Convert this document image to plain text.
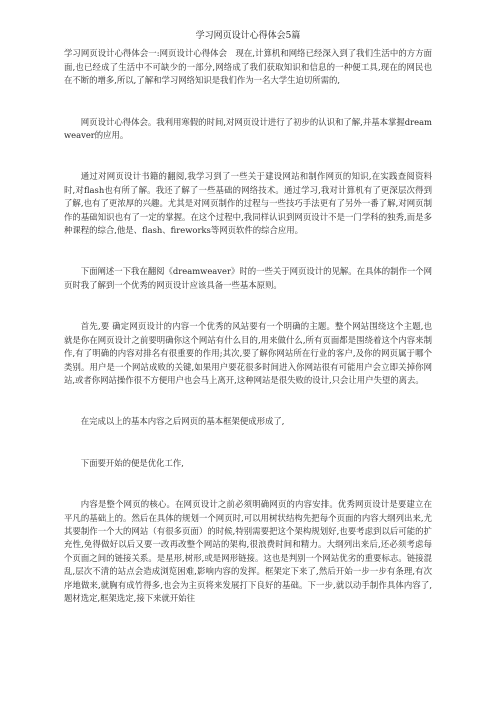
学习网页设计心得体会5篇

学习网页设计心得体会一:网页设计心得体会　现在,计算机和网络已经深入到了我们生活中的方方面面,也已经成了生活中不可缺少的一部分,网络成了我们获取知识和信息的一种便工具,现在的网民也在不断的增多,所以,了解和学习网络知识是我们作为一名大学生迫切所需的,

网页设计心得体会。我利用寒假的时间,对网页设计进行了初步的认识和了解,并基本掌握dreamweaver的应用。

通过对网页设计书籍的翻阅,我学习到了一些关于建设网站和制作网页的知识,在实践查阅资料时,对flash也有所了解。我还了解了一些基础的网络技术。通过学习,我对计算机有了更深层次得到了解,也有了更浓厚的兴趣。尤其是对网页制作的过程与一些技巧手法更有了另外一番了解,对网页制作的基础知识也有了一定的掌握。在这个过程中,我同样认识到网页设计不是一门学科的独秀,而是多种课程的综合,他是、flash、fireworks等网页软件的综合应用。

下面阐述一下我在翻阅《dreamweaver》时的一些关于网页设计的见解。在具体的制作一个网页时我了解到一个优秀的网页设计应该具备一些基本原则。

首先,要 确定网页设计的内容一个优秀的风站要有一个明确的主题。整个网站围绕这个主题,也就是你在网页设计之前要明确你这个网站有什么目的,用来做什么,所有页面都是围绕着这个内容来制作,有了明确的内容对排名有很重要的作用;其次,要了解你网站所在行业的客户,及你的网页属于哪个类别。用户是一个网站成败的关键,如果用户要花很多时间进入你网站很有可能用户会立即关掉你网站,或者你网站操作很不方便用户也会马上离开,这种网站是很失败的设计,只会让用户失望的离去。

在完成以上的基本内容之后网页的基本框架便成形成了,

下面要开始的便是优化工作,

内容是整个网页的核心。在网页设计之前必须明确网页的内容安排。优秀网页设计是要建立在平凡的基础上的。然后在具体的规划一个网页时,可以用树状结构先把每个页面的内容大纲列出来,尤其要制作一个大的网站（有很多页面）的时候,特别需要把这个架构规划好,也要考虑到以后可能的扩充性,免得做好以后又要一改再改整个网站的架构,很浪费时间和精力。大纲列出来后,还必须考虑每个页面之间的链接关系。是星形,树形,或是网形链接。这也是判别一个网站优劣的重要标志。链接混乱,层次不清的站点会造成浏览困难,影响内容的发挥。框架定下来了,然后开始一步一步有条理,有次序地做来,就胸有成竹得多,也会为主页将来发展打下良好的基础。下一步,就以动手制作具体内容了,题材选定,框架选定,接下来就开始往
